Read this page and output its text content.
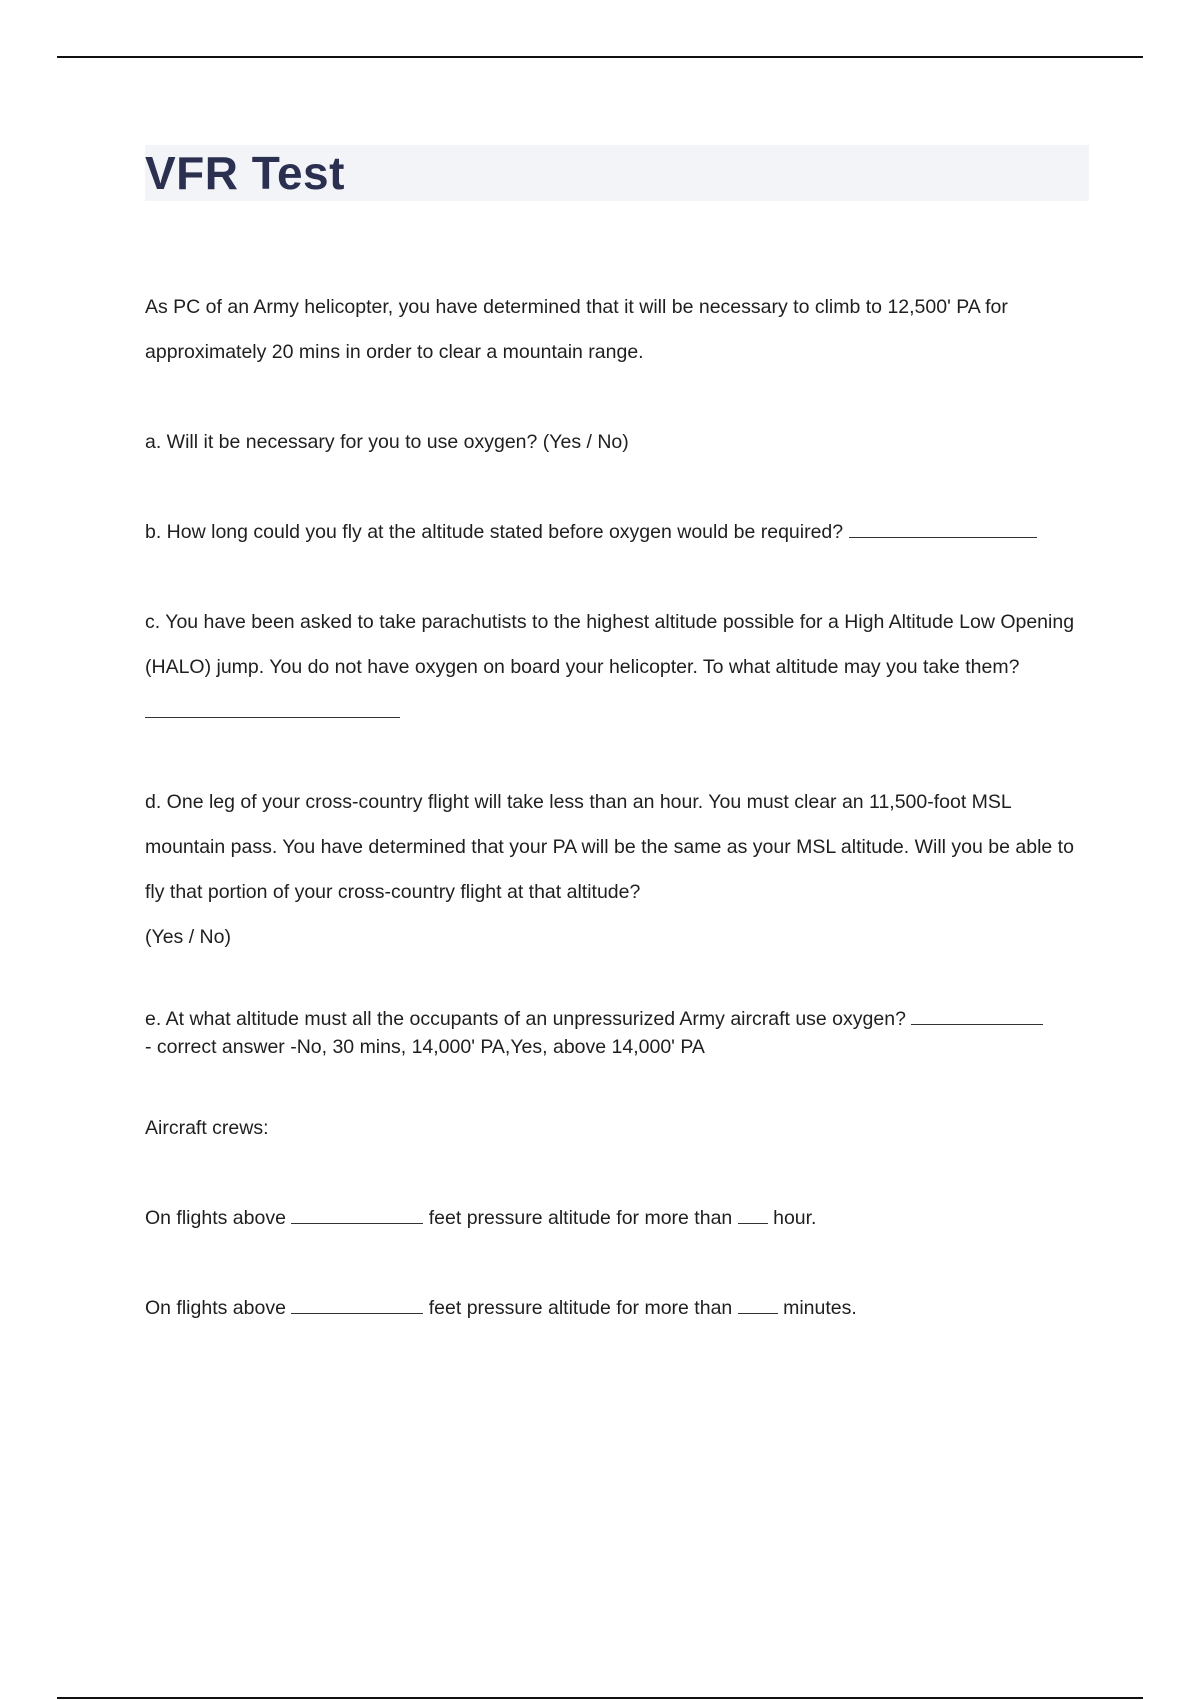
VFR Test

As PC of an Army helicopter, you have determined that it will be necessary to climb to 12,500' PA for approximately 20 mins in order to clear a mountain range.

a. Will it be necessary for you to use oxygen? (Yes / No)

b. How long could you fly at the altitude stated before oxygen would be required?

c. You have been asked to take parachutists to the highest altitude possible for a High Altitude Low Opening (HALO) jump. You do not have oxygen on board your helicopter. To what altitude may you take them?

d. One leg of your cross-country flight will take less than an hour. You must clear an 11,500-foot MSL mountain pass. You have determined that your PA will be the same as your MSL altitude. Will you be able to fly that portion of your cross-country flight at that altitude?

(Yes / No)

e. At what altitude must all the occupants of an unpressurized Army aircraft use oxygen?

- correct answer -No, 30 mins, 14,000' PA,Yes, above 14,000' PA

Aircraft crews:

On flights above	feet pressure altitude for more than hour.

On flights above	feet pressure altitude for more than	minutes.
